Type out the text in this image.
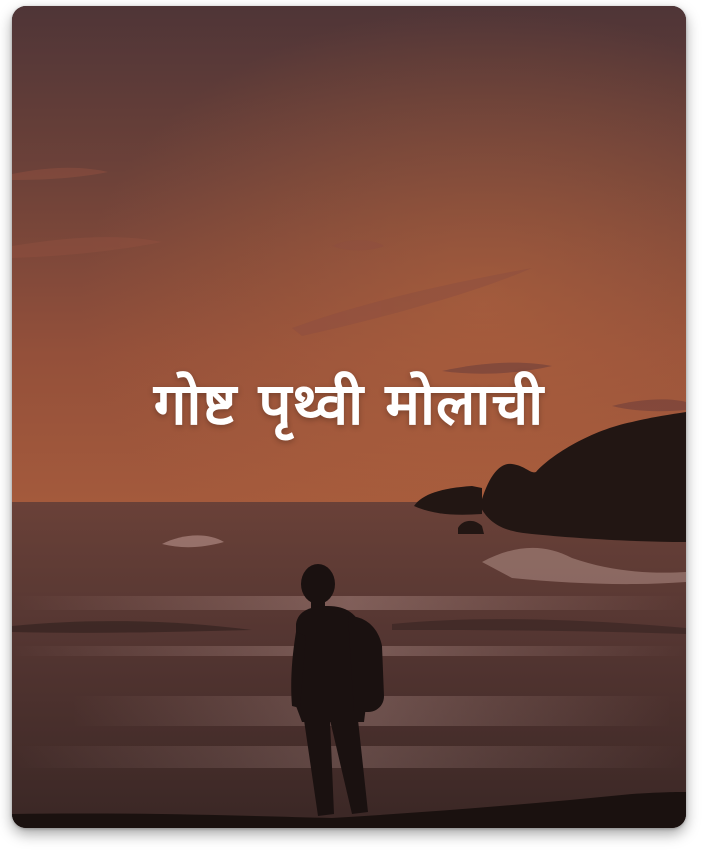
गोष्ट पृथ्वी मोलाची
